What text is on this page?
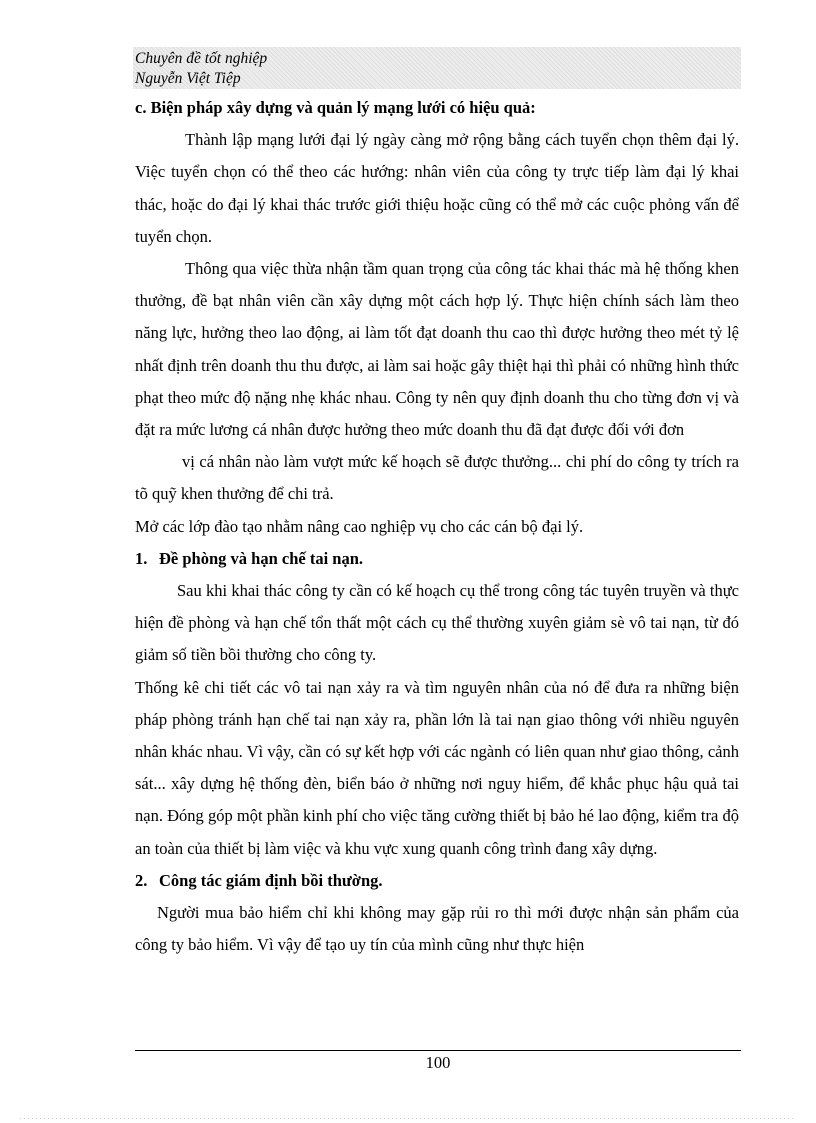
Chuyên đề tốt nghiệp
Nguyễn Việt Tiệp

c. Biện pháp xây dựng và quản lý mạng lưới có hiệu quả:

Thành lập mạng lưới đại lý ngày càng mở rộng bằng cách tuyển chọn thêm đại lý. Việc tuyển chọn có thể theo các hướng: nhân viên của công ty trực tiếp làm đại lý khai thác, hoặc do đại lý khai thác trước giới thiệu hoặc cũng có thể mở các cuộc phỏng vấn để tuyển chọn.

Thông qua việc thừa nhận tầm quan trọng của công tác khai thác mà hệ thống khen thưởng, đề bạt nhân viên cần xây dựng một cách hợp lý. Thực hiện chính sách làm theo năng lực, hưởng theo lao động, ai làm tốt đạt doanh thu cao thì được hưởng theo mét tỷ lệ nhất định trên doanh thu thu được, ai làm sai hoặc gây thiệt hại thì phải có những hình thức phạt theo mức độ nặng nhẹ khác nhau. Công ty nên quy định doanh thu cho từng đơn vị và đặt ra mức lương cá nhân được hưởng theo mức doanh thu đã đạt được đối với đơn

vị cá nhân nào làm vượt mức kế hoạch sẽ được thưởng... chi phí do công ty trích ra tõ quỹ khen thưởng để chi trả.

Mở các lớp đào tạo nhằm nâng cao nghiệp vụ cho các cán bộ đại lý.

1. Đề phòng và hạn chế tai nạn.

Sau khi khai thác công ty cần có kế hoạch cụ thể trong công tác tuyên truyền và thực hiện đề phòng và hạn chế tổn thất một cách cụ thể thường xuyên giảm sè vô tai nạn, từ đó giảm số tiền bồi thường cho công ty.

Thống kê chi tiết các vô tai nạn xảy ra và tìm nguyên nhân của nó để đưa ra những biện pháp phòng tránh hạn chế tai nạn xảy ra, phần lớn là tai nạn giao thông với nhiều nguyên nhân khác nhau. Vì vậy, cần có sự kết hợp với các ngành có liên quan như giao thông, cảnh sát... xây dựng hệ thống đèn, biển báo ở những nơi nguy hiểm, để khắc phục hậu quả tai nạn. Đóng góp một phần kinh phí cho việc tăng cường thiết bị bảo hé lao động, kiểm tra độ an toàn của thiết bị làm việc và khu vực xung quanh công trình đang xây dựng.

2. Công tác giám định bồi thường.

Người mua bảo hiểm chỉ khi không may gặp rủi ro thì mới được nhận sản phẩm của công ty bảo hiểm. Vì vậy để tạo uy tín của mình cũng như thực hiện

100
